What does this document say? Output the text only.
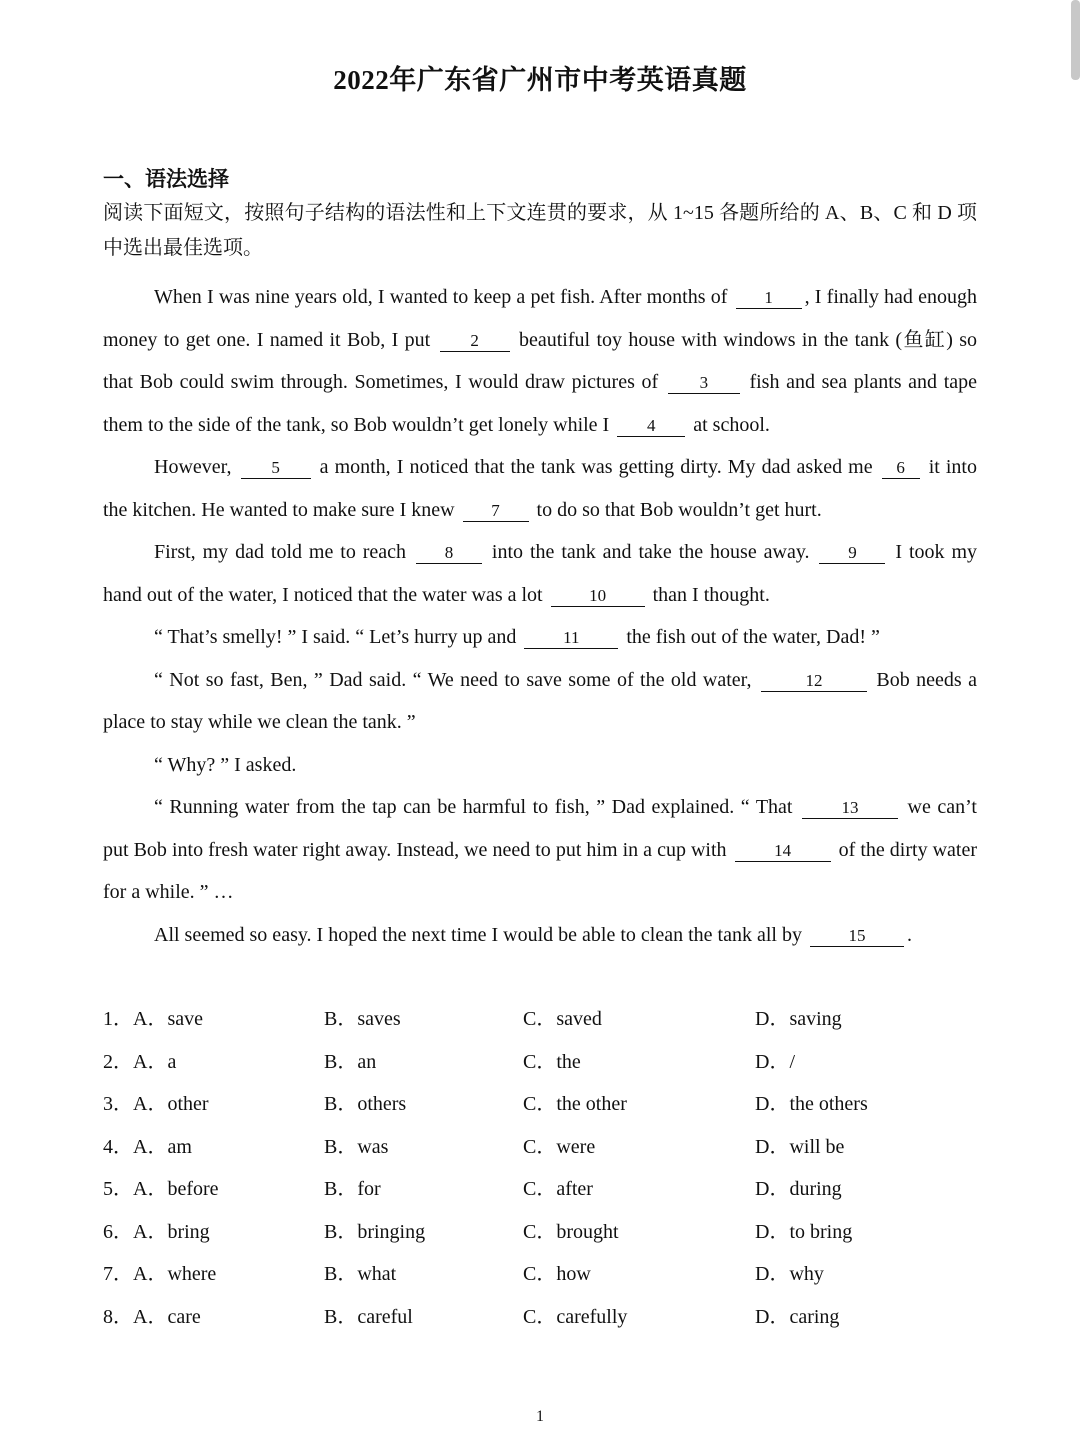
2022年广东省广州市中考英语真题
一、语法选择
阅读下面短文，按照句子结构的语法性和上下文连贯的要求，从 1~15 各题所给的 A、B、C 和 D 项中选出最佳选项。

When I was nine years old, I wanted to keep a pet fish. After months of 1 , I finally had enough money to get one. I named it Bob, I put 2 beautiful toy house with windows in the tank (鱼缸) so that Bob could swim through. Sometimes, I would draw pictures of 3 fish and sea plants and tape them to the side of the tank, so Bob wouldn’t get lonely while I 4 at school.

However, 5 a month, I noticed that the tank was getting dirty. My dad asked me 6 it into the kitchen. He wanted to make sure I knew 7 to do so that Bob wouldn’t get hurt.

First, my dad told me to reach 8 into the tank and take the house away. 9 I took my hand out of the water, I noticed that the water was a lot	10 than I thought.

“ That’s smelly! ” I said. “ Let’s hurry up and	11 the fish out of the water, Dad! ”

“ Not so fast, Ben, ” Dad said. “ We need to save some of the old water,	12	Bob needs a place to stay while we clean the tank. ”

“ Why? ” I asked.

“ Running water from the tap can be harmful to fish, ” Dad explained. “ That	13 we can’t put Bob into fresh water right away. Instead, we need to put him in a cup with	14 of the dirty water for a while. ” …

All seemed so easy. I hoped the next time I would be able to clean the tank all by	15 .

1．A．save	B．saves	C．saved	D．saving
2．A．a	B．an	C．the	D．/
3．A．other	B．others	C．the other	D．the others
4．A．am	B．was	C．were	D．will be
5．A．before	B．for	C．after	D．during
6．A．bring	B．bringing	C．brought	D．to bring
7．A．where	B．what	C．how	D．why
8．A．care	B．careful	C．carefully	D．caring
1
